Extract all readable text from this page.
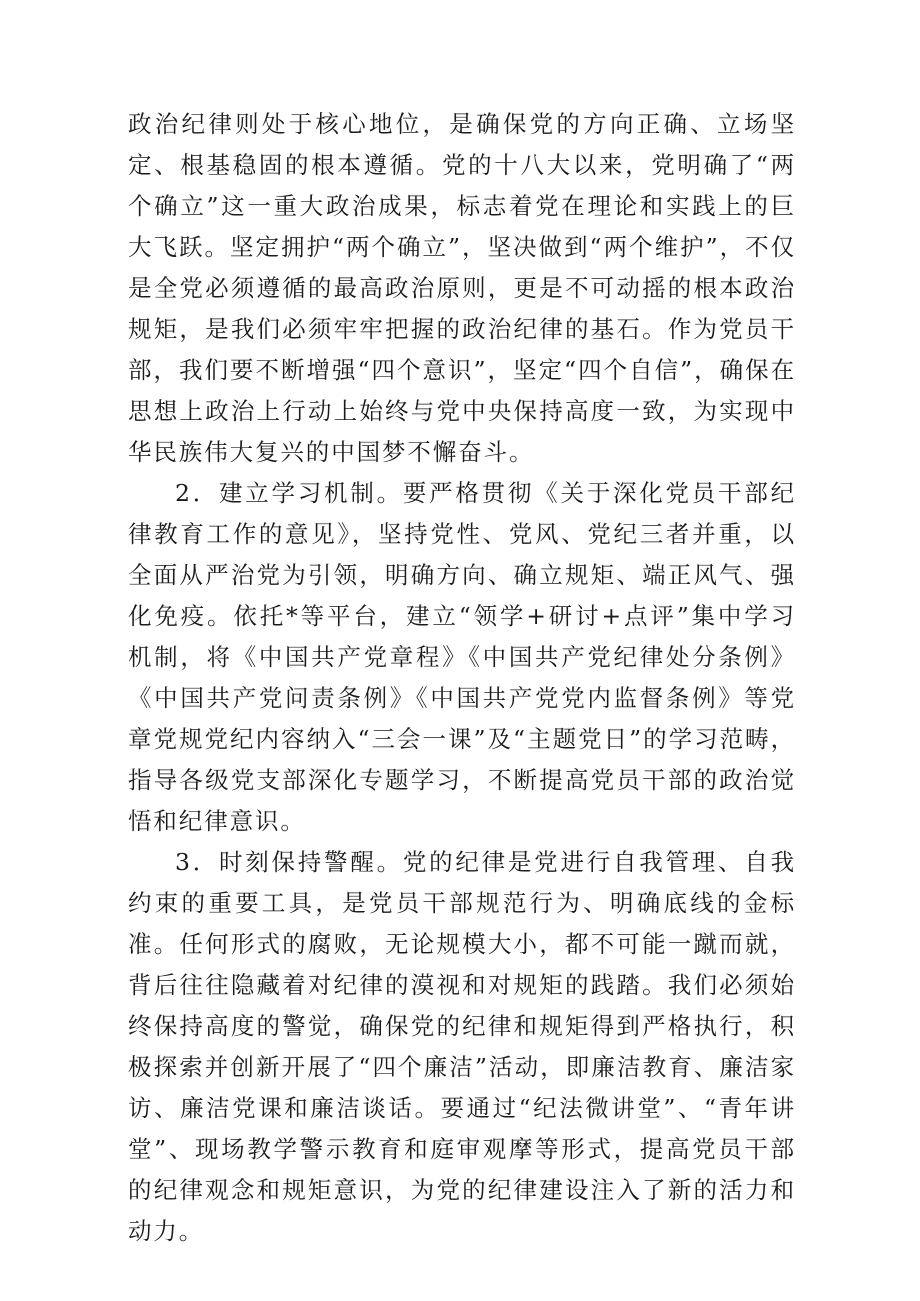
政治纪律则处于核心地位，是确保党的方向正确、立场坚定、根基稳固的根本遵循。党的十八大以来，党明确了“两个确立”这一重大政治成果，标志着党在理论和实践上的巨大飞跃。坚定拥护“两个确立”，坚决做到“两个维护”，不仅是全党必须遵循的最高政治原则，更是不可动摇的根本政治规矩，是我们必须牢牢把握的政治纪律的基石。作为党员干部，我们要不断增强“四个意识”，坚定“四个自信”，确保在思想上政治上行动上始终与党中央保持高度一致，为实现中华民族伟大复兴的中国梦不懈奋斗。

2．建立学习机制。要严格贯彻《关于深化党员干部纪律教育工作的意见》，坚持党性、党风、党纪三者并重，以全面从严治党为引领，明确方向、确立规矩、端正风气、强化免疫。依托*等平台，建立“领学+研讨+点评”集中学习机制，将《中国共产党章程》《中国共产党纪律处分条例》《中国共产党问责条例》《中国共产党党内监督条例》等党章党规党纪内容纳入“三会一课”及“主题党日”的学习范畴，指导各级党支部深化专题学习，不断提高党员干部的政治觉悟和纪律意识。

3．时刻保持警醒。党的纪律是党进行自我管理、自我约束的重要工具，是党员干部规范行为、明确底线的金标准。任何形式的腐败，无论规模大小，都不可能一蹴而就，背后往往隐藏着对纪律的漠视和对规矩的践踏。我们必须始终保持高度的警觉，确保党的纪律和规矩得到严格执行，积极探索并创新开展了“四个廉洁”活动，即廉洁教育、廉洁家访、廉洁党课和廉洁谈话。要通过“纪法微讲堂”、“青年讲堂”、现场教学警示教育和庭审观摩等形式，提高党员干部的纪律观念和规矩意识，为党的纪律建设注入了新的活力和动力。
